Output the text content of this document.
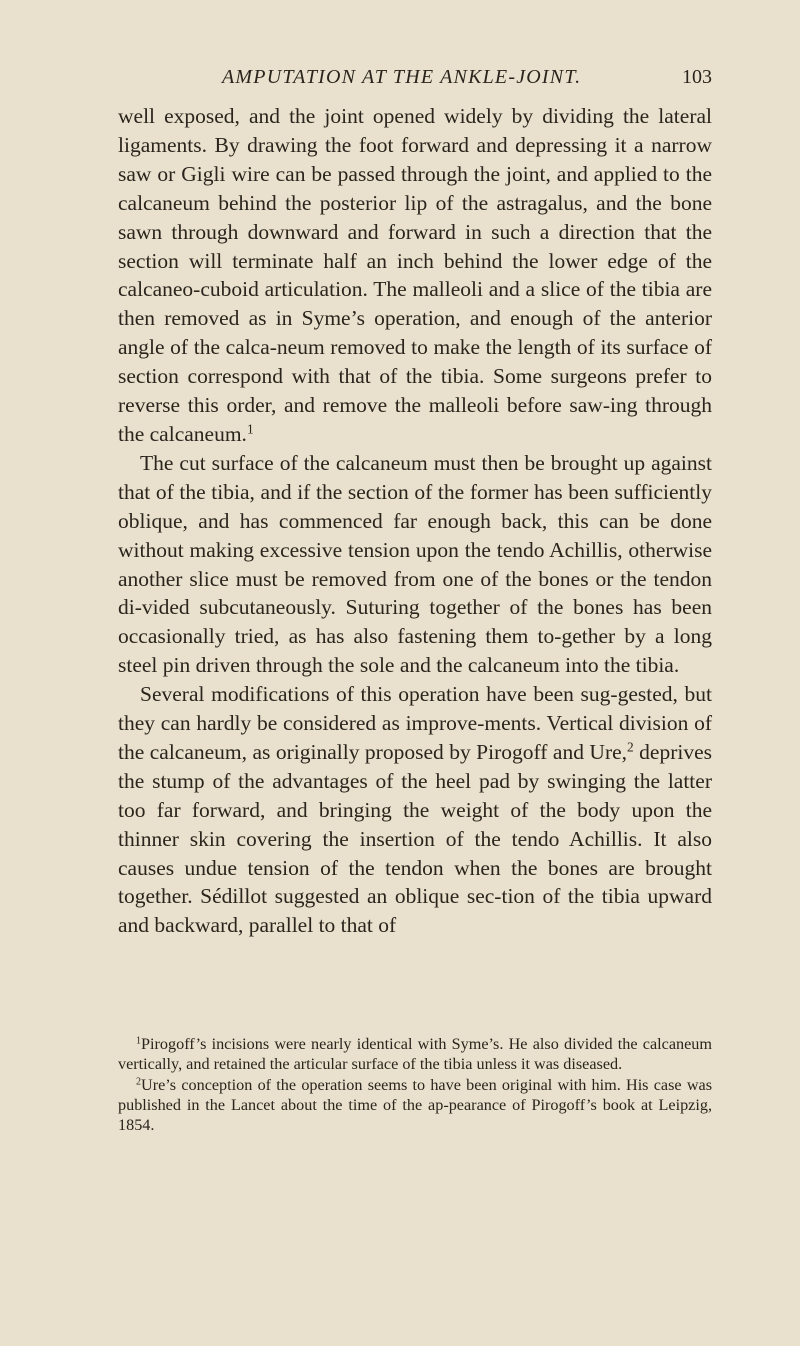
AMPUTATION AT THE ANKLE-JOINT.	103

well exposed, and the joint opened widely by dividing the lateral ligaments. By drawing the foot forward and depressing it a narrow saw or Gigli wire can be passed through the joint, and applied to the calcaneum behind the posterior lip of the astragalus, and the bone sawn through downward and forward in such a direction that the section will terminate half an inch behind the lower edge of the calcaneo-cuboid articulation. The malleoli and a slice of the tibia are then removed as in Syme’s operation, and enough of the anterior angle of the calca-neum removed to make the length of its surface of section correspond with that of the tibia. Some surgeons prefer to reverse this order, and remove the malleoli before saw-ing through the calcaneum.$^1$

The cut surface of the calcaneum must then be brought up against that of the tibia, and if the section of the former has been sufficiently oblique, and has commenced far enough back, this can be done without making excessive tension upon the tendo Achillis, otherwise another slice must be removed from one of the bones or the tendon di-vided subcutaneously. Suturing together of the bones has been occasionally tried, as has also fastening them to-gether by a long steel pin driven through the sole and the calcaneum into the tibia.

Several modifications of this operation have been sug-gested, but they can hardly be considered as improve-ments. Vertical division of the calcaneum, as originally proposed by Pirogoff and Ure,$^2$ deprives the stump of the advantages of the heel pad by swinging the latter too far forward, and bringing the weight of the body upon the thinner skin covering the insertion of the tendo Achillis. It also causes undue tension of the tendon when the bones are brought together. Sédillot suggested an oblique sec-tion of the tibia upward and backward, parallel to that of

$^1$Pirogoff’s incisions were nearly identical with Syme’s. He also divided the calcaneum vertically, and retained the articular surface of the tibia unless it was diseased.

$^2$Ure’s conception of the operation seems to have been original with him. His case was published in the Lancet about the time of the ap-pearance of Pirogoff’s book at Leipzig, 1854.
